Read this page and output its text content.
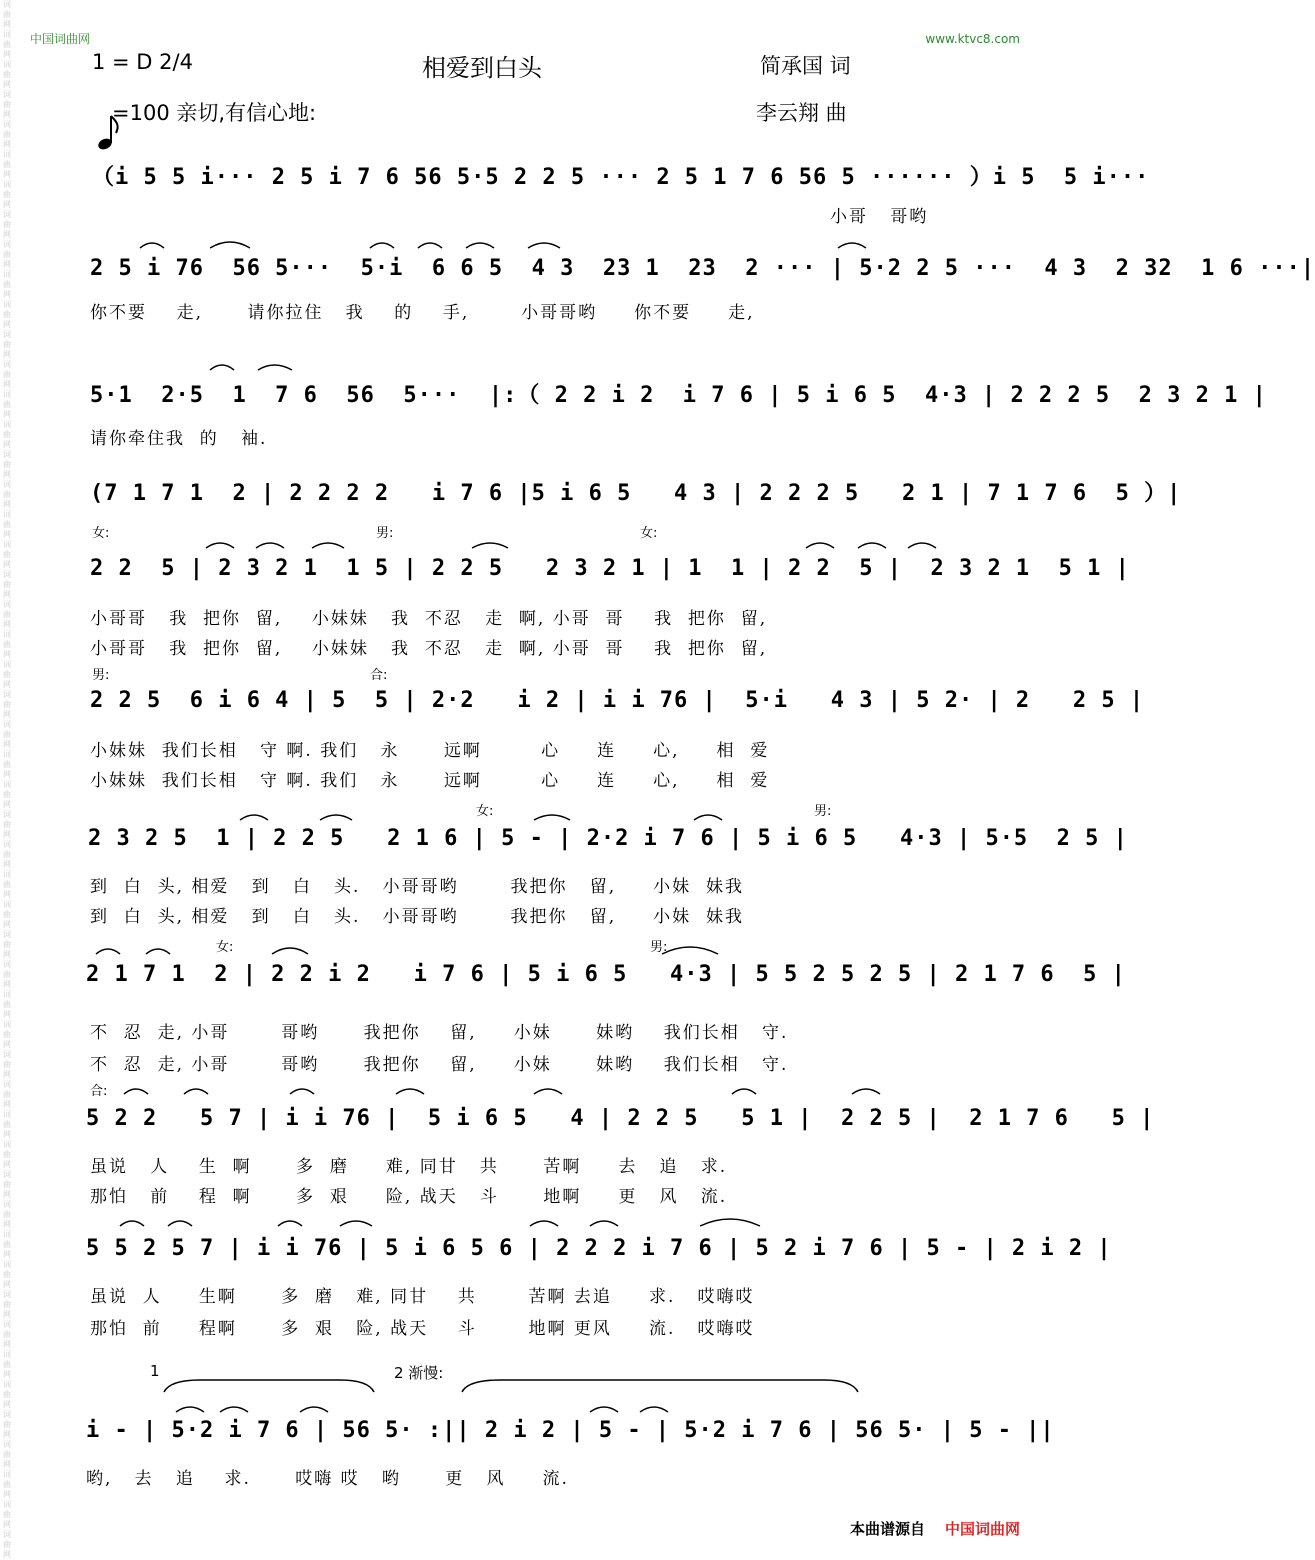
词
曲
网
词
曲
网
词
曲
网
词
曲
网
词
曲
网
词
曲
网
词
曲
网
词
曲
网
词
曲
网
词
曲
网
词
曲
网
词
曲
网
词
曲
网
词
曲
网
词
曲
网
词
曲
网
词
曲
网
词
曲
网
词
曲
网
词
曲
网
词
曲
网
词
曲
网
词
曲
网
词
曲
网
词
曲
网
词
曲
网
词
曲
网
词
曲
网
词
曲
网
词
曲
网
词
曲
网
词
曲
网
词
曲
网
词
曲
网
词
曲
网
词
曲
网
词
曲
网
词
曲
网
词
曲
网
词
曲
网
词
曲
网
词
曲
网
词
曲
网
词
曲
网
词
曲
网
词
曲
网
词
曲
网
词
曲
网
词
曲
网
词
曲
网
词
曲
网
词
曲
网
中国词曲网	www.ktvc8.com
1 = D 2/4	相爱到白头	简承国 词

=100 亲切,有信心地:	李云翔 曲
（i 5 5 i··· 2 5 i 7 6 56 5·5 2 2 5 ··· 2 5 1 7 6 56 5 ······ ）i 5  5 i···
小哥   哥哟
2 5 i 76  56 5···  5·i  6 6 5  4 3  23 1  23  2 ··· | 5·2 2 5 ···  4 3  2 32  1 6 ···|
你不要    走,      请你拉住   我    的    手,       小哥哥哟     你不要     走,
5·1  2·5  1  7 6  56  5···  |:（ 2 2 i 2  i 7 6 | 5 i 6 5  4·3 | 2 2 2 5  2 3 2 1 |
请你牵住我  的   袖.
(7 1 7 1  2 | 2 2 2 2   i 7 6 |5 i 6 5   4 3 | 2 2 2 5   2 1 | 7 1 7 6  5 ）|
女:	男:	女:
2 2  5 | 2 3 2 1  1 5 | 2 2 5   2 3 2 1 | 1  1 | 2 2  5 |  2 3 2 1  5 1 |
小哥哥   我  把你  留,    小妹妹   我  不忍   走  啊, 小哥  哥    我  把你  留,
小哥哥   我  把你  留,    小妹妹   我  不忍   走  啊, 小哥  哥    我  把你  留,
男:	合:
2 2 5  6 i 6 4 | 5  5 | 2·2   i 2 | i i 76 |  5·i   4 3 | 5 2· | 2   2 5 |
小妹妹  我们长相   守 啊. 我们   永      远啊        心     连     心,     相  爱
小妹妹  我们长相   守 啊. 我们   永      远啊        心     连     心,     相  爱
女:	男:
2 3 2 5  1 | 2 2 5   2 1 6 | 5 - | 2·2 i 7 6 | 5 i 6 5   4·3 | 5·5  2 5 |
到  白  头, 相爱   到   白   头.   小哥哥哟       我把你   留,     小妹  妹我
到  白  头, 相爱   到   白   头.   小哥哥哟       我把你   留,     小妹  妹我
女:	男:
2 1 7 1  2 | 2 2 i 2   i 7 6 | 5 i 6 5   4·3 | 5 5 2 5 2 5 | 2 1 7 6  5 |
不  忍  走, 小哥       哥哟      我把你    留,     小妹      妹哟    我们长相   守.
不  忍  走, 小哥       哥哟      我把你    留,     小妹      妹哟    我们长相   守.
合:
5 2 2   5 7 | i i 76 |  5 i 6 5   4 | 2 2 5   5 1 |  2 2 5 |  2 1 7 6   5 |
虽说   人    生  啊      多  磨     难, 同甘   共      苦啊     去   追   求.
那怕   前    程  啊      多  艰     险, 战天   斗      地啊     更   风   流.
5 5 2 5 7 | i i 76 | 5 i 6 5 6 | 2 2 2 i 7 6 | 5 2 i 7 6 | 5 - | 2 i 2 |
虽说  人     生啊      多  磨   难, 同甘    共       苦啊 去追     求.   哎嗨哎
那怕  前     程啊      多  艰   险, 战天    斗       地啊 更风     流.   哎嗨哎
1	2 渐慢:
i - | 5·2 i 7 6 | 56 5· :|| 2 i 2 | 5 - | 5·2 i 7 6 | 56 5· | 5 - ||
哟,   去   追    求.      哎嗨 哎   哟      更   风     流.

本曲谱源自 中国词曲网
